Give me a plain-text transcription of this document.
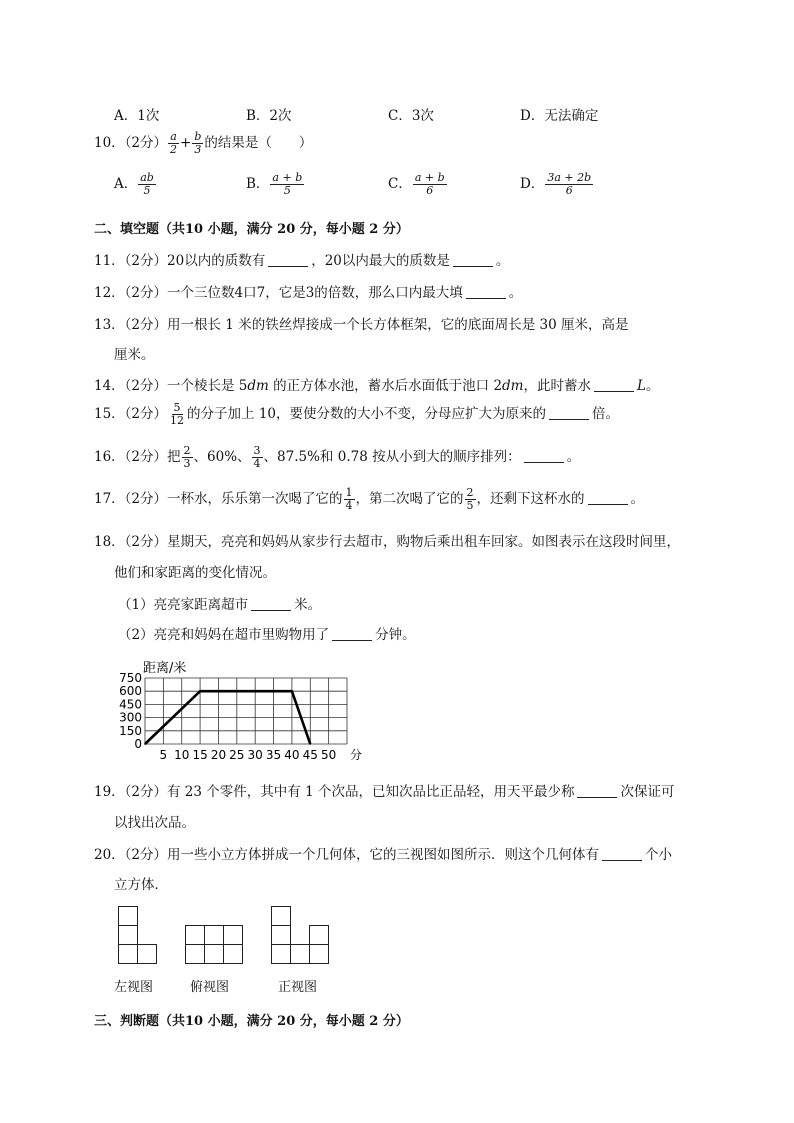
A．1次	B．2次	C．3次	D．无法确定
10．（2分） $\frac{a}{2} + \frac{b}{3}$ 的结果是（　　）
A． $\frac{ab}{5}$	B． $\frac{a + b}{5}$	C． $\frac{a + b}{6}$	D． $\frac{3a + 2b}{6}$
二、填空题（共10 小题，满分 20 分，每小题 2 分）
11．（2分）20以内的质数有	，20以内最大的质数是	。
12．（2分）一个三位数4口7，它是3的倍数，那么口内最大填	。
13．（2分）用一根长 1 米的铁丝焊接成一个长方体框架，它的底面周长是 30 厘米，高是
厘米。
14．（2分）一个棱长是 5dm 的正方体水池，蓄水后水面低于池口 2dm，此时蓄水	L。
15．（2分） $\frac{5}{12}$ 的分子加上 10，要使分数的大小不变，分母应扩大为原来的	倍。
16．（2分）把 $\frac{2}{3}$ 、60%、 $\frac{3}{4}$ 、87.5%和 0.78 按从小到大的顺序排列：	。
17．（2分）一杯水，乐乐第一次喝了它的 $\frac{1}{4}$ ，第二次喝了它的 $\frac{2}{5}$ ，还剩下这杯水的	。
18．（2分）星期天，亮亮和妈妈从家步行去超市，购物后乘出租车回家。如图表示在这段时间里，
他们和家距离的变化情况。
（1）亮亮家距离超市	米。
（2）亮亮和妈妈在超市里购物用了	分钟。
0
150
300
450
600
750
5 10 15 20 25 30 35 40 45 50
距离/米
分
19．（2分）有 23 个零件，其中有 1 个次品，已知次品比正品轻，用天平最少称	次保证可
以找出次品。
20．（2分）用一些小立方体拼成一个几何体，它的三视图如图所示．则这个几何体有	个小
立方体．
左视图	俯视图	正视图
三、判断题（共10 小题，满分 20 分，每小题 2 分）
